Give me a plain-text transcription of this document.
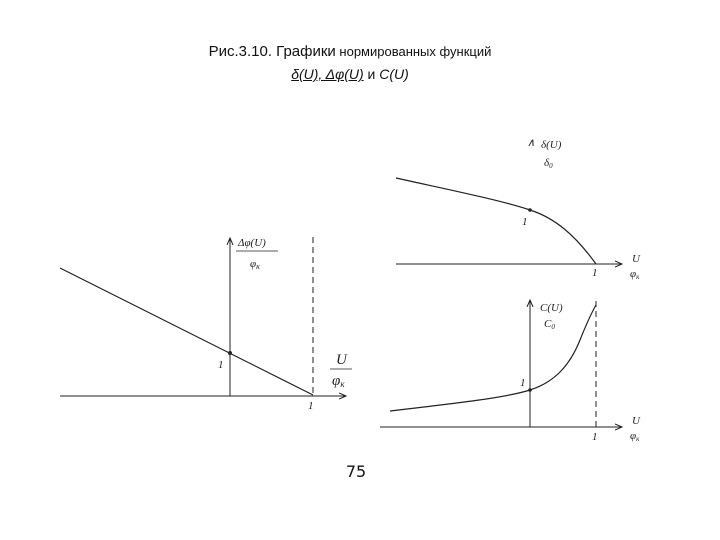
Рис.3.10. Графики нормированных функций
δ(U), Δφ(U) и C(U)
1
1
Δφ(U)
φк
U
φк
∧
1
1
δ(U)
δ0
U
φк
1
1
C(U)
C0
U
φк
75
